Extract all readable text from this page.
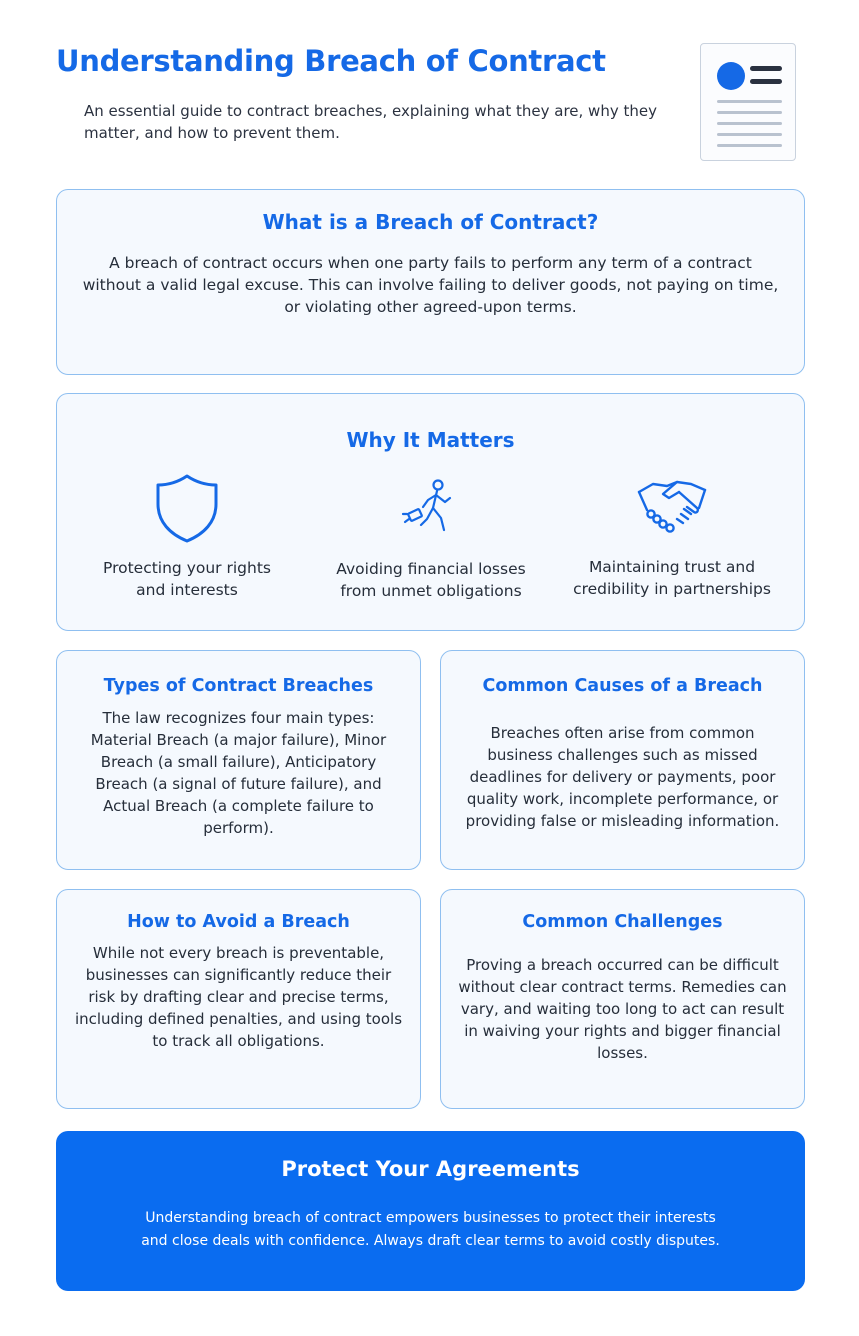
Understanding Breach of Contract

An essential guide to contract breaches, explaining what they are, why they matter, and how to prevent them.

What is a Breach of Contract?

A breach of contract occurs when one party fails to perform any term of a contract without a valid legal excuse. This can involve failing to deliver goods, not paying on time, or violating other agreed-upon terms.

Why It Matters
Protecting your rights
and interests
Avoiding financial losses
from unmet obligations
Maintaining trust and
credibility in partnerships
Types of Contract Breaches

The law recognizes four main types: Material Breach (a major failure), Minor Breach (a small failure), Anticipatory Breach (a signal of future failure), and Actual Breach (a complete failure to perform).

Common Causes of a Breach

Breaches often arise from common business challenges such as missed deadlines for delivery or payments, poor quality work, incomplete performance, or providing false or misleading information.

How to Avoid a Breach

While not every breach is preventable, businesses can significantly reduce their risk by drafting clear and precise terms, including defined penalties, and using tools to track all obligations.

Common Challenges

Proving a breach occurred can be difficult without clear contract terms. Remedies can vary, and waiting too long to act can result in waiving your rights and bigger financial losses.

Protect Your Agreements

Understanding breach of contract empowers businesses to protect their interests
and close deals with confidence. Always draft clear terms to avoid costly disputes.
